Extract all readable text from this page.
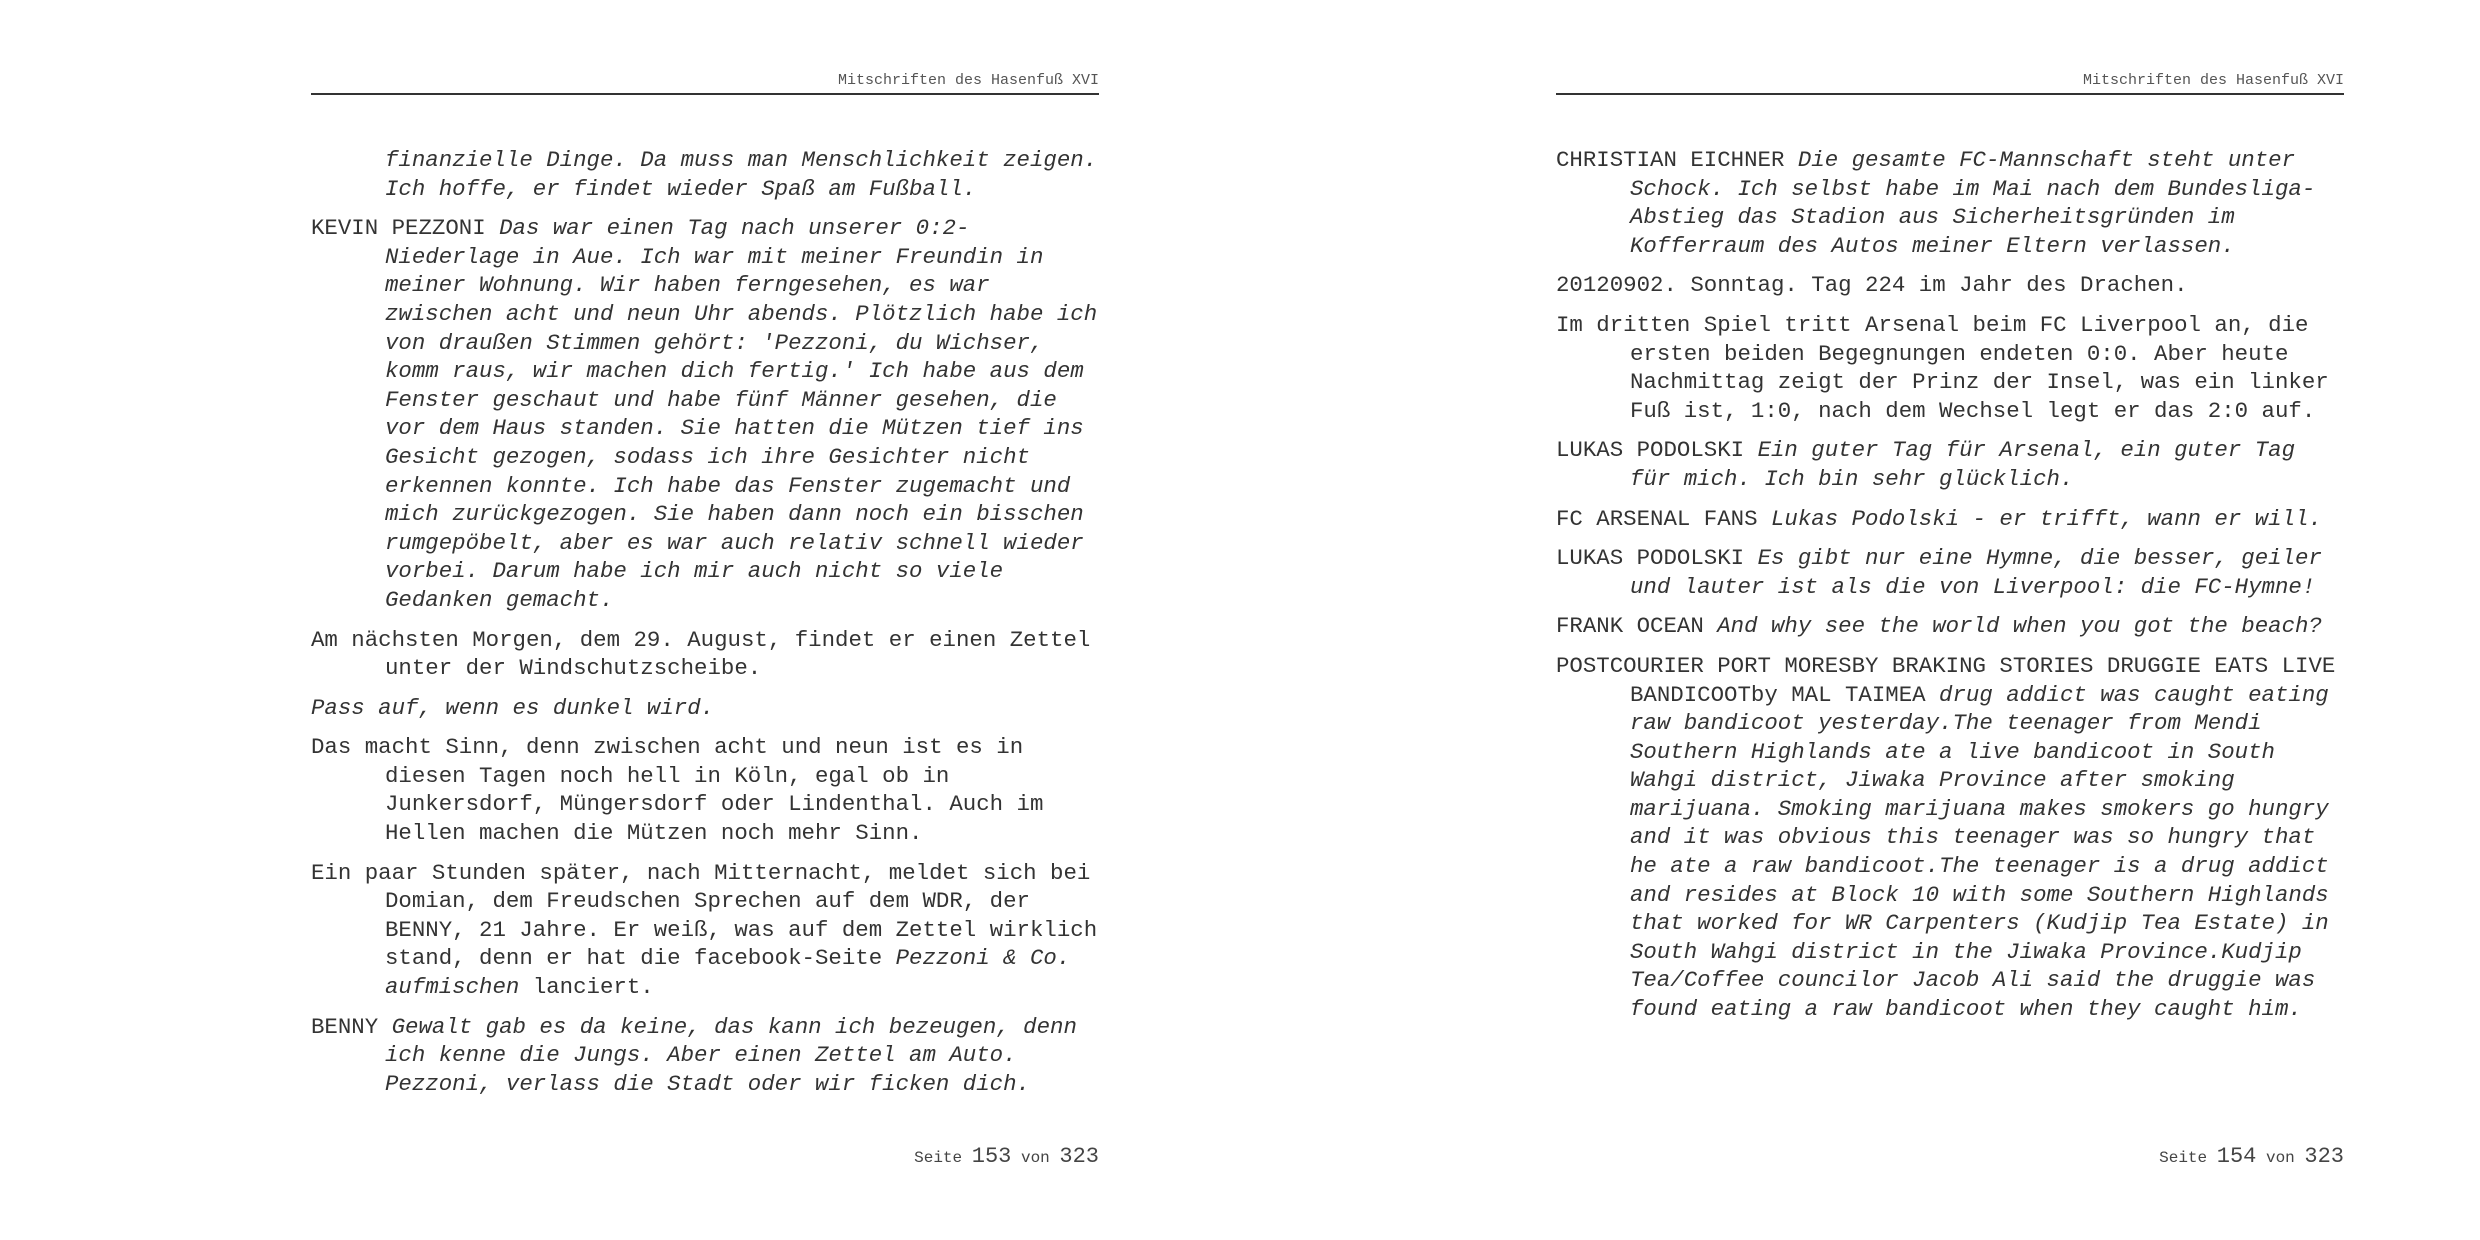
Mitschriften des Hasenfuß XVI

finanzielle Dinge. Da muss man Menschlichkeit zeigen. Ich hoffe, er findet wieder Spaß am Fußball.

KEVIN PEZZONI Das war einen Tag nach unserer 0:2-Niederlage in Aue. Ich war mit meiner Freundin in meiner Wohnung. Wir haben ferngesehen, es war zwischen acht und neun Uhr abends. Plötzlich habe ich von draußen Stimmen gehört: 'Pezzoni, du Wichser, komm raus, wir machen dich fertig.' Ich habe aus dem Fenster geschaut und habe fünf Männer gesehen, die vor dem Haus standen. Sie hatten die Mützen tief ins Gesicht gezogen, sodass ich ihre Gesichter nicht erkennen konnte. Ich habe das Fenster zugemacht und mich zurückgezogen. Sie haben dann noch ein bisschen rumgepöbelt, aber es war auch relativ schnell wieder vorbei. Darum habe ich mir auch nicht so viele Gedanken gemacht.

Am nächsten Morgen, dem 29. August, findet er einen Zettel unter der Windschutzscheibe.

Pass auf, wenn es dunkel wird.

Das macht Sinn, denn zwischen acht und neun ist es in diesen Tagen noch hell in Köln, egal ob in Junkersdorf, Müngersdorf oder Lindenthal. Auch im Hellen machen die Mützen noch mehr Sinn.

Ein paar Stunden später, nach Mitternacht, meldet sich bei Domian, dem Freudschen Sprechen auf dem WDR, der BENNY, 21 Jahre. Er weiß, was auf dem Zettel wirklich stand, denn er hat die facebook-Seite Pezzoni & Co. aufmischen lanciert.

BENNY Gewalt gab es da keine, das kann ich bezeugen, denn ich kenne die Jungs. Aber einen Zettel am Auto. Pezzoni, verlass die Stadt oder wir ficken dich.

Seite 153 von 323
Mitschriften des Hasenfuß XVI

CHRISTIAN EICHNER Die gesamte FC-Mannschaft steht unter Schock. Ich selbst habe im Mai nach dem Bundesliga-Abstieg das Stadion aus Sicherheitsgründen im Kofferraum des Autos meiner Eltern verlassen.

20120902. Sonntag. Tag 224 im Jahr des Drachen.

Im dritten Spiel tritt Arsenal beim FC Liverpool an, die ersten beiden Begegnungen endeten 0:0. Aber heute Nachmittag zeigt der Prinz der Insel, was ein linker Fuß ist, 1:0, nach dem Wechsel legt er das 2:0 auf.

LUKAS PODOLSKI Ein guter Tag für Arsenal, ein guter Tag für mich. Ich bin sehr glücklich.

FC ARSENAL FANS Lukas Podolski - er trifft, wann er will.

LUKAS PODOLSKI Es gibt nur eine Hymne, die besser, geiler und lauter ist als die von Liverpool: die FC-Hymne!

FRANK OCEAN And why see the world when you got the beach?

POSTCOURIER PORT MORESBY BRAKING STORIES DRUGGIE EATS LIVE BANDICOOTby MAL TAIMEA drug addict was caught eating raw bandicoot yesterday.The teenager from Mendi Southern Highlands ate a live bandicoot in South Wahgi district, Jiwaka Province after smoking marijuana. Smoking marijuana makes smokers go hungry and it was obvious this teenager was so hungry that he ate a raw bandicoot.The teenager is a drug addict and resides at Block 10 with some Southern Highlands that worked for WR Carpenters (Kudjip Tea Estate) in South Wahgi district in the Jiwaka Province.Kudjip Tea/Coffee councilor Jacob Ali said the druggie was found eating a raw bandicoot when they caught him.

Seite 154 von 323
